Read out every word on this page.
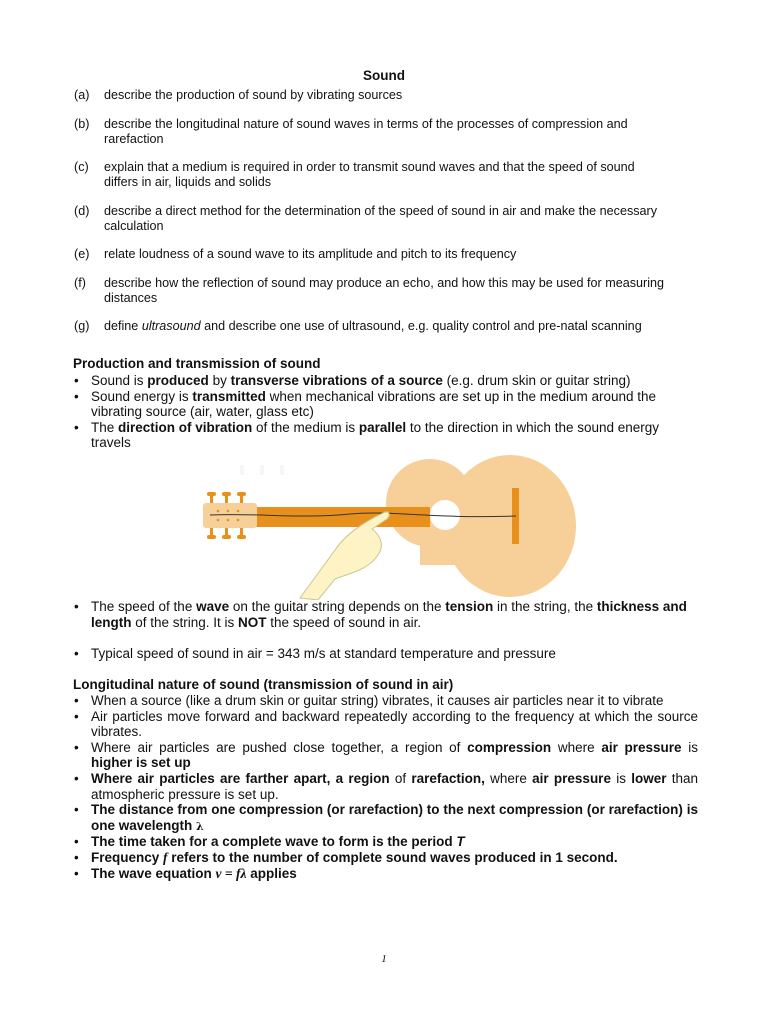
Sound
(a) describe the production of sound by vibrating sources
(b) describe the longitudinal nature of sound waves in terms of the processes of compression and
rarefaction
(c) explain that a medium is required in order to transmit sound waves and that the speed of sound
differs in air, liquids and solids
(d) describe a direct method for the determination of the speed of sound in air and make the necessary
calculation
(e) relate loudness of a sound wave to its amplitude and pitch to its frequency
(f) describe how the reflection of sound may produce an echo, and how this may be used for measuring
distances
(g) define ultrasound and describe one use of ultrasound, e.g. quality control and pre-natal scanning
Production and transmission of sound
• Sound is produced by transverse vibrations of a source (e.g. drum skin or guitar string)
• Sound energy is transmitted when mechanical vibrations are set up in the medium around the vibrating source (air, water, glass etc)
• The direction of vibration of the medium is parallel to the direction in which the sound energy travels
• The speed of the wave on the guitar string depends on the tension in the string, the thickness and length of the string. It is NOT the speed of sound in air.
• Typical speed of sound in air = 343 m/s at standard temperature and pressure
Longitudinal nature of sound (transmission of sound in air)
• When a source (like a drum skin or guitar string) vibrates, it causes air particles near it to vibrate
• Air particles move forward and backward repeatedly according to the frequency at which the source vibrates.
• Where air particles are pushed close together, a region of compression where air pressure is higher is set up
• Where air particles are farther apart, a region of rarefaction, where air pressure is lower than atmospheric pressure is set up.
• The distance from one compression (or rarefaction) to the next compression (or rarefaction) is one wavelength λ
• The time taken for a complete wave to form is the period T
• Frequency f refers to the number of complete sound waves produced in 1 second.
• The wave equation v = fλ applies
1
